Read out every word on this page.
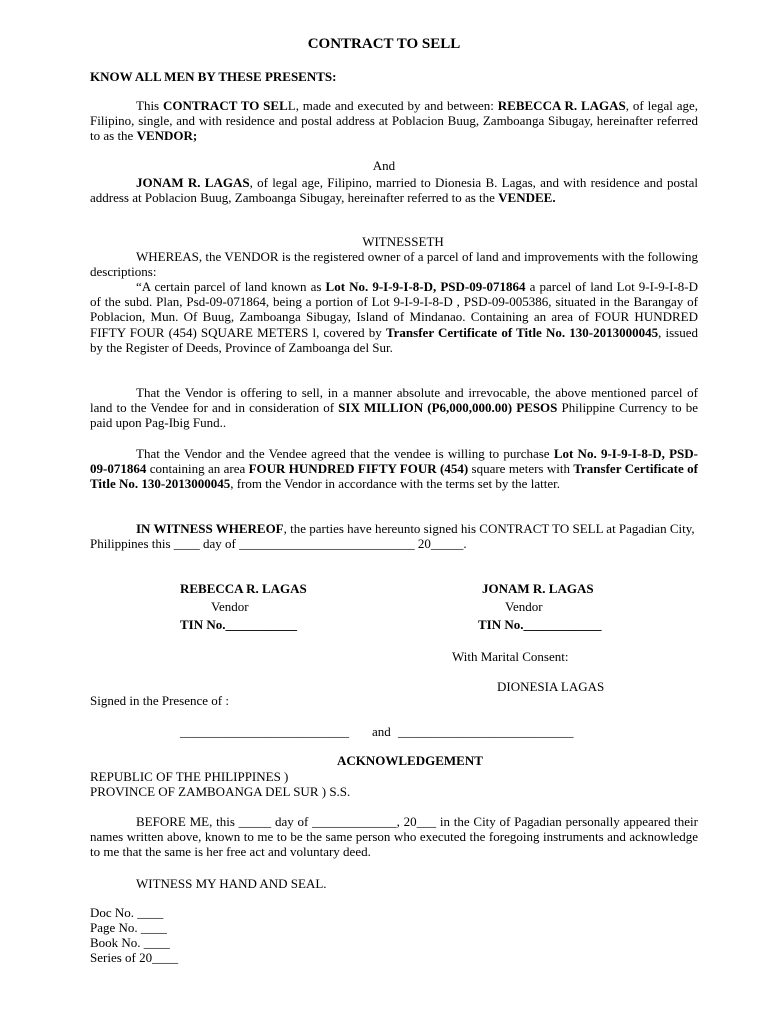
CONTRACT TO SELL
KNOW ALL MEN BY THESE PRESENTS:
This CONTRACT TO SELL, made and executed by and between: REBECCA R. LAGAS, of legal age, Filipino, single, and with residence and postal address at Poblacion Buug, Zamboanga Sibugay, hereinafter referred to as the VENDOR;
And
JONAM R. LAGAS, of legal age, Filipino, married to Dionesia B. Lagas, and with residence and postal address at Poblacion Buug, Zamboanga Sibugay, hereinafter referred to as the VENDEE.
WITNESSETH
WHEREAS, the VENDOR is the registered owner of a parcel of land and improvements with the following descriptions:
“A certain parcel of land known as Lot No. 9-I-9-I-8-D, PSD-09-071864 a parcel of land Lot 9-I-9-I-8-D of the subd. Plan, Psd-09-071864, being a portion of Lot 9-I-9-I-8-D , PSD-09-005386, situated in the Barangay of Poblacion, Mun. Of Buug, Zamboanga Sibugay, Island of Mindanao. Containing an area of FOUR HUNDRED FIFTY FOUR (454) SQUARE METERS l, covered by Transfer Certificate of Title No. 130-2013000045, issued by the Register of Deeds, Province of Zamboanga del Sur.
That the Vendor is offering to sell, in a manner absolute and irrevocable, the above mentioned parcel of land to the Vendee for and in consideration of SIX MILLION (P6,000,000.00) PESOS Philippine Currency to be paid upon Pag-Ibig Fund..
That the Vendor and the Vendee agreed that the vendee is willing to purchase Lot No. 9-I-9-I-8-D, PSD-09-071864 containing an area FOUR HUNDRED FIFTY FOUR (454) square meters with Transfer Certificate of Title No. 130-2013000045, from the Vendor in accordance with the terms set by the latter.
IN WITNESS WHEREOF, the parties have hereunto signed his CONTRACT TO SELL at Pagadian City, Philippines this ____ day of ___________________________ 20_____.
REBECCA R. LAGAS
Vendor
TIN No.___________
JONAM R. LAGAS
Vendor
TIN No.____________
With Marital Consent:
DIONESIA LAGAS
Signed in the Presence of :
__________________________ and ___________________________
ACKNOWLEDGEMENT
REPUBLIC OF THE PHILIPPINES )
PROVINCE OF ZAMBOANGA DEL SUR ) S.S.
BEFORE ME, this _____ day of _____________, 20___ in the City of Pagadian personally appeared their names written above, known to me to be the same person who executed the foregoing instruments and acknowledge to me that the same is her free act and voluntary deed.
WITNESS MY HAND AND SEAL.
Doc No. ____
Page No. ____
Book No. ____
Series of 20____
